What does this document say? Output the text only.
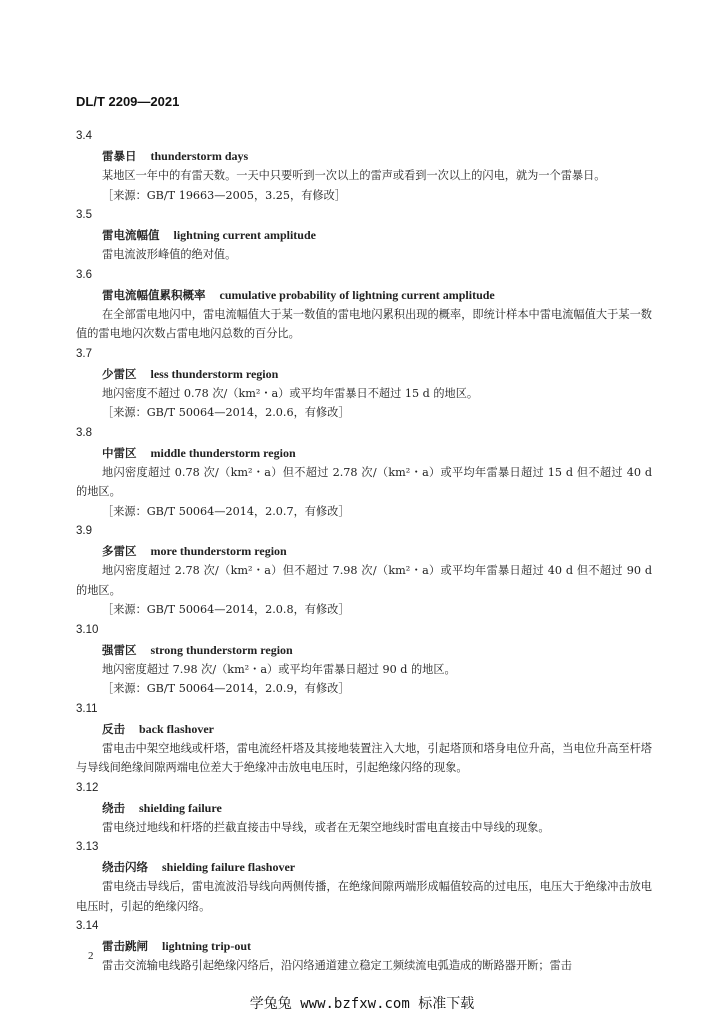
DL/T 2209—2021
3.4
雷暴日 thunderstorm days

某地区一年中的有雷天数。一天中只要听到一次以上的雷声或看到一次以上的闪电，就为一个雷暴日。

［来源：GB/T 19663—2005，3.25，有修改］

3.5
雷电流幅值 lightning current amplitude

雷电流波形峰值的绝对值。

3.6
雷电流幅值累积概率 cumulative probability of lightning current amplitude

在全部雷电地闪中，雷电流幅值大于某一数值的雷电地闪累积出现的概率，即统计样本中雷电流幅值大于某一数值的雷电地闪次数占雷电地闪总数的百分比。

3.7
少雷区 less thunderstorm region

地闪密度不超过 0.78 次/（km²・a）或平均年雷暴日不超过 15 d 的地区。

［来源：GB/T 50064—2014，2.0.6，有修改］

3.8
中雷区 middle thunderstorm region

地闪密度超过 0.78 次/（km²・a）但不超过 2.78 次/（km²・a）或平均年雷暴日超过 15 d 但不超过 40 d 的地区。

［来源：GB/T 50064—2014，2.0.7，有修改］

3.9
多雷区 more thunderstorm region

地闪密度超过 2.78 次/（km²・a）但不超过 7.98 次/（km²・a）或平均年雷暴日超过 40 d 但不超过 90 d 的地区。

［来源：GB/T 50064—2014，2.0.8，有修改］

3.10
强雷区 strong thunderstorm region

地闪密度超过 7.98 次/（km²・a）或平均年雷暴日超过 90 d 的地区。

［来源：GB/T 50064—2014，2.0.9，有修改］

3.11
反击 back flashover

雷电击中架空地线或杆塔，雷电流经杆塔及其接地装置注入大地，引起塔顶和塔身电位升高，当电位升高至杆塔与导线间绝缘间隙两端电位差大于绝缘冲击放电电压时，引起绝缘闪络的现象。

3.12
绕击 shielding failure

雷电绕过地线和杆塔的拦截直接击中导线，或者在无架空地线时雷电直接击中导线的现象。

3.13
绕击闪络 shielding failure flashover

雷电绕击导线后，雷电流波沿导线向两侧传播，在绝缘间隙两端形成幅值较高的过电压，电压大于绝缘冲击放电电压时，引起的绝缘闪络。

3.14
雷击跳闸 lightning trip-out

雷击交流输电线路引起绝缘闪络后，沿闪络通道建立稳定工频续流电弧造成的断路器开断；雷击

2
学兔兔 www.bzfxw.com 标准下载
